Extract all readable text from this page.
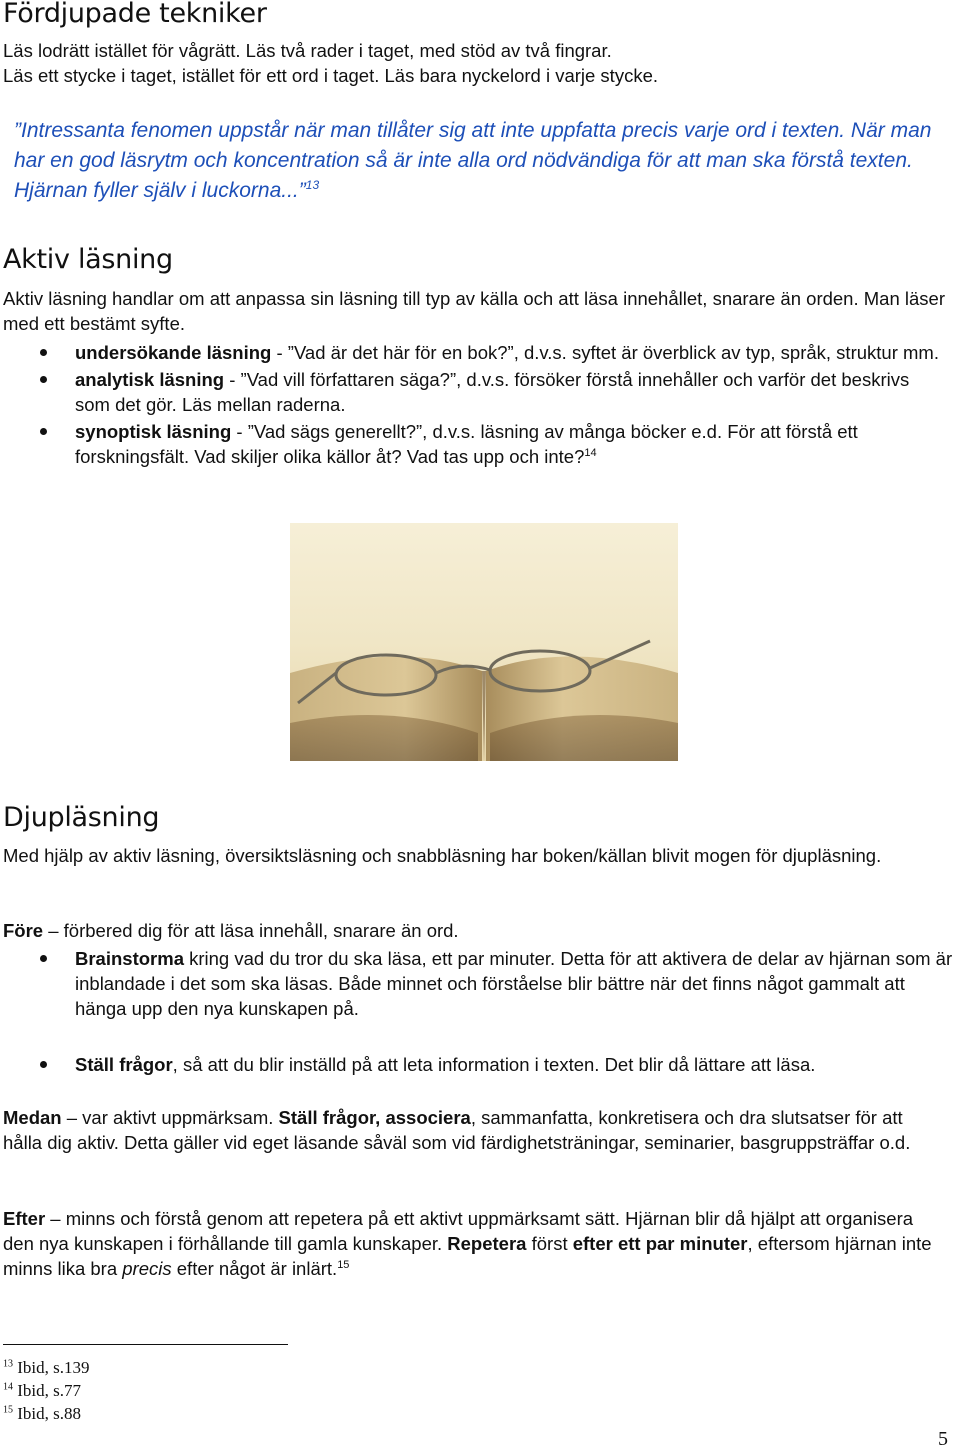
Fördjupade tekniker

Läs lodrätt istället för vågrätt. Läs två rader i taget, med stöd av två fingrar.

Läs ett stycke i taget, istället för ett ord i taget. Läs bara nyckelord i varje stycke.

”Intressanta fenomen uppstår när man tillåter sig att inte uppfatta precis varje ord i texten. När man har en god läsrytm och koncentration så är inte alla ord nödvändiga för att man ska förstå texten. Hjärnan fyller själv i luckorna...”$^{13}$
Aktiv läsning

Aktiv läsning handlar om att anpassa sin läsning till typ av källa och att läsa innehållet, snarare än orden. Man läser med ett bestämt syfte.

undersökande läsning - ”Vad är det här för en bok?”, d.v.s. syftet är överblick av typ, språk, struktur mm.
analytisk läsning - ”Vad vill författaren säga?”, d.v.s. försöker förstå innehåller och varför det beskrivs som det gör. Läs mellan raderna.
synoptisk läsning - ”Vad sägs generellt?”, d.v.s. läsning av många böcker e.d. För att förstå ett forskningsfält. Vad skiljer olika källor åt? Vad tas upp och inte?$^{14}$
Djupläsning

Med hjälp av aktiv läsning, översiktsläsning och snabbläsning har boken/källan blivit mogen för djupläsning.

Före – förbered dig för att läsa innehåll, snarare än ord.

Brainstorma kring vad du tror du ska läsa, ett par minuter. Detta för att aktivera de delar av hjärnan som är inblandade i det som ska läsas. Både minnet och förståelse blir bättre när det finns något gammalt att hänga upp den nya kunskapen på.
Ställ frågor, så att du blir inställd på att leta information i texten. Det blir då lättare att läsa.

Medan – var aktivt uppmärksam. Ställ frågor, associera, sammanfatta, konkretisera och dra slutsatser för att hålla dig aktiv. Detta gäller vid eget läsande såväl som vid färdighetsträningar, seminarier, basgruppsträffar o.d.

Efter – minns och förstå genom att repetera på ett aktivt uppmärksamt sätt. Hjärnan blir då hjälpt att organisera den nya kunskapen i förhållande till gamla kunskaper. Repetera först efter ett par minuter, eftersom hjärnan inte minns lika bra precis efter något är inlärt.$^{15}$

$^{13}$ Ibid, s.139
$^{14}$ Ibid, s.77
$^{15}$ Ibid, s.88
5
